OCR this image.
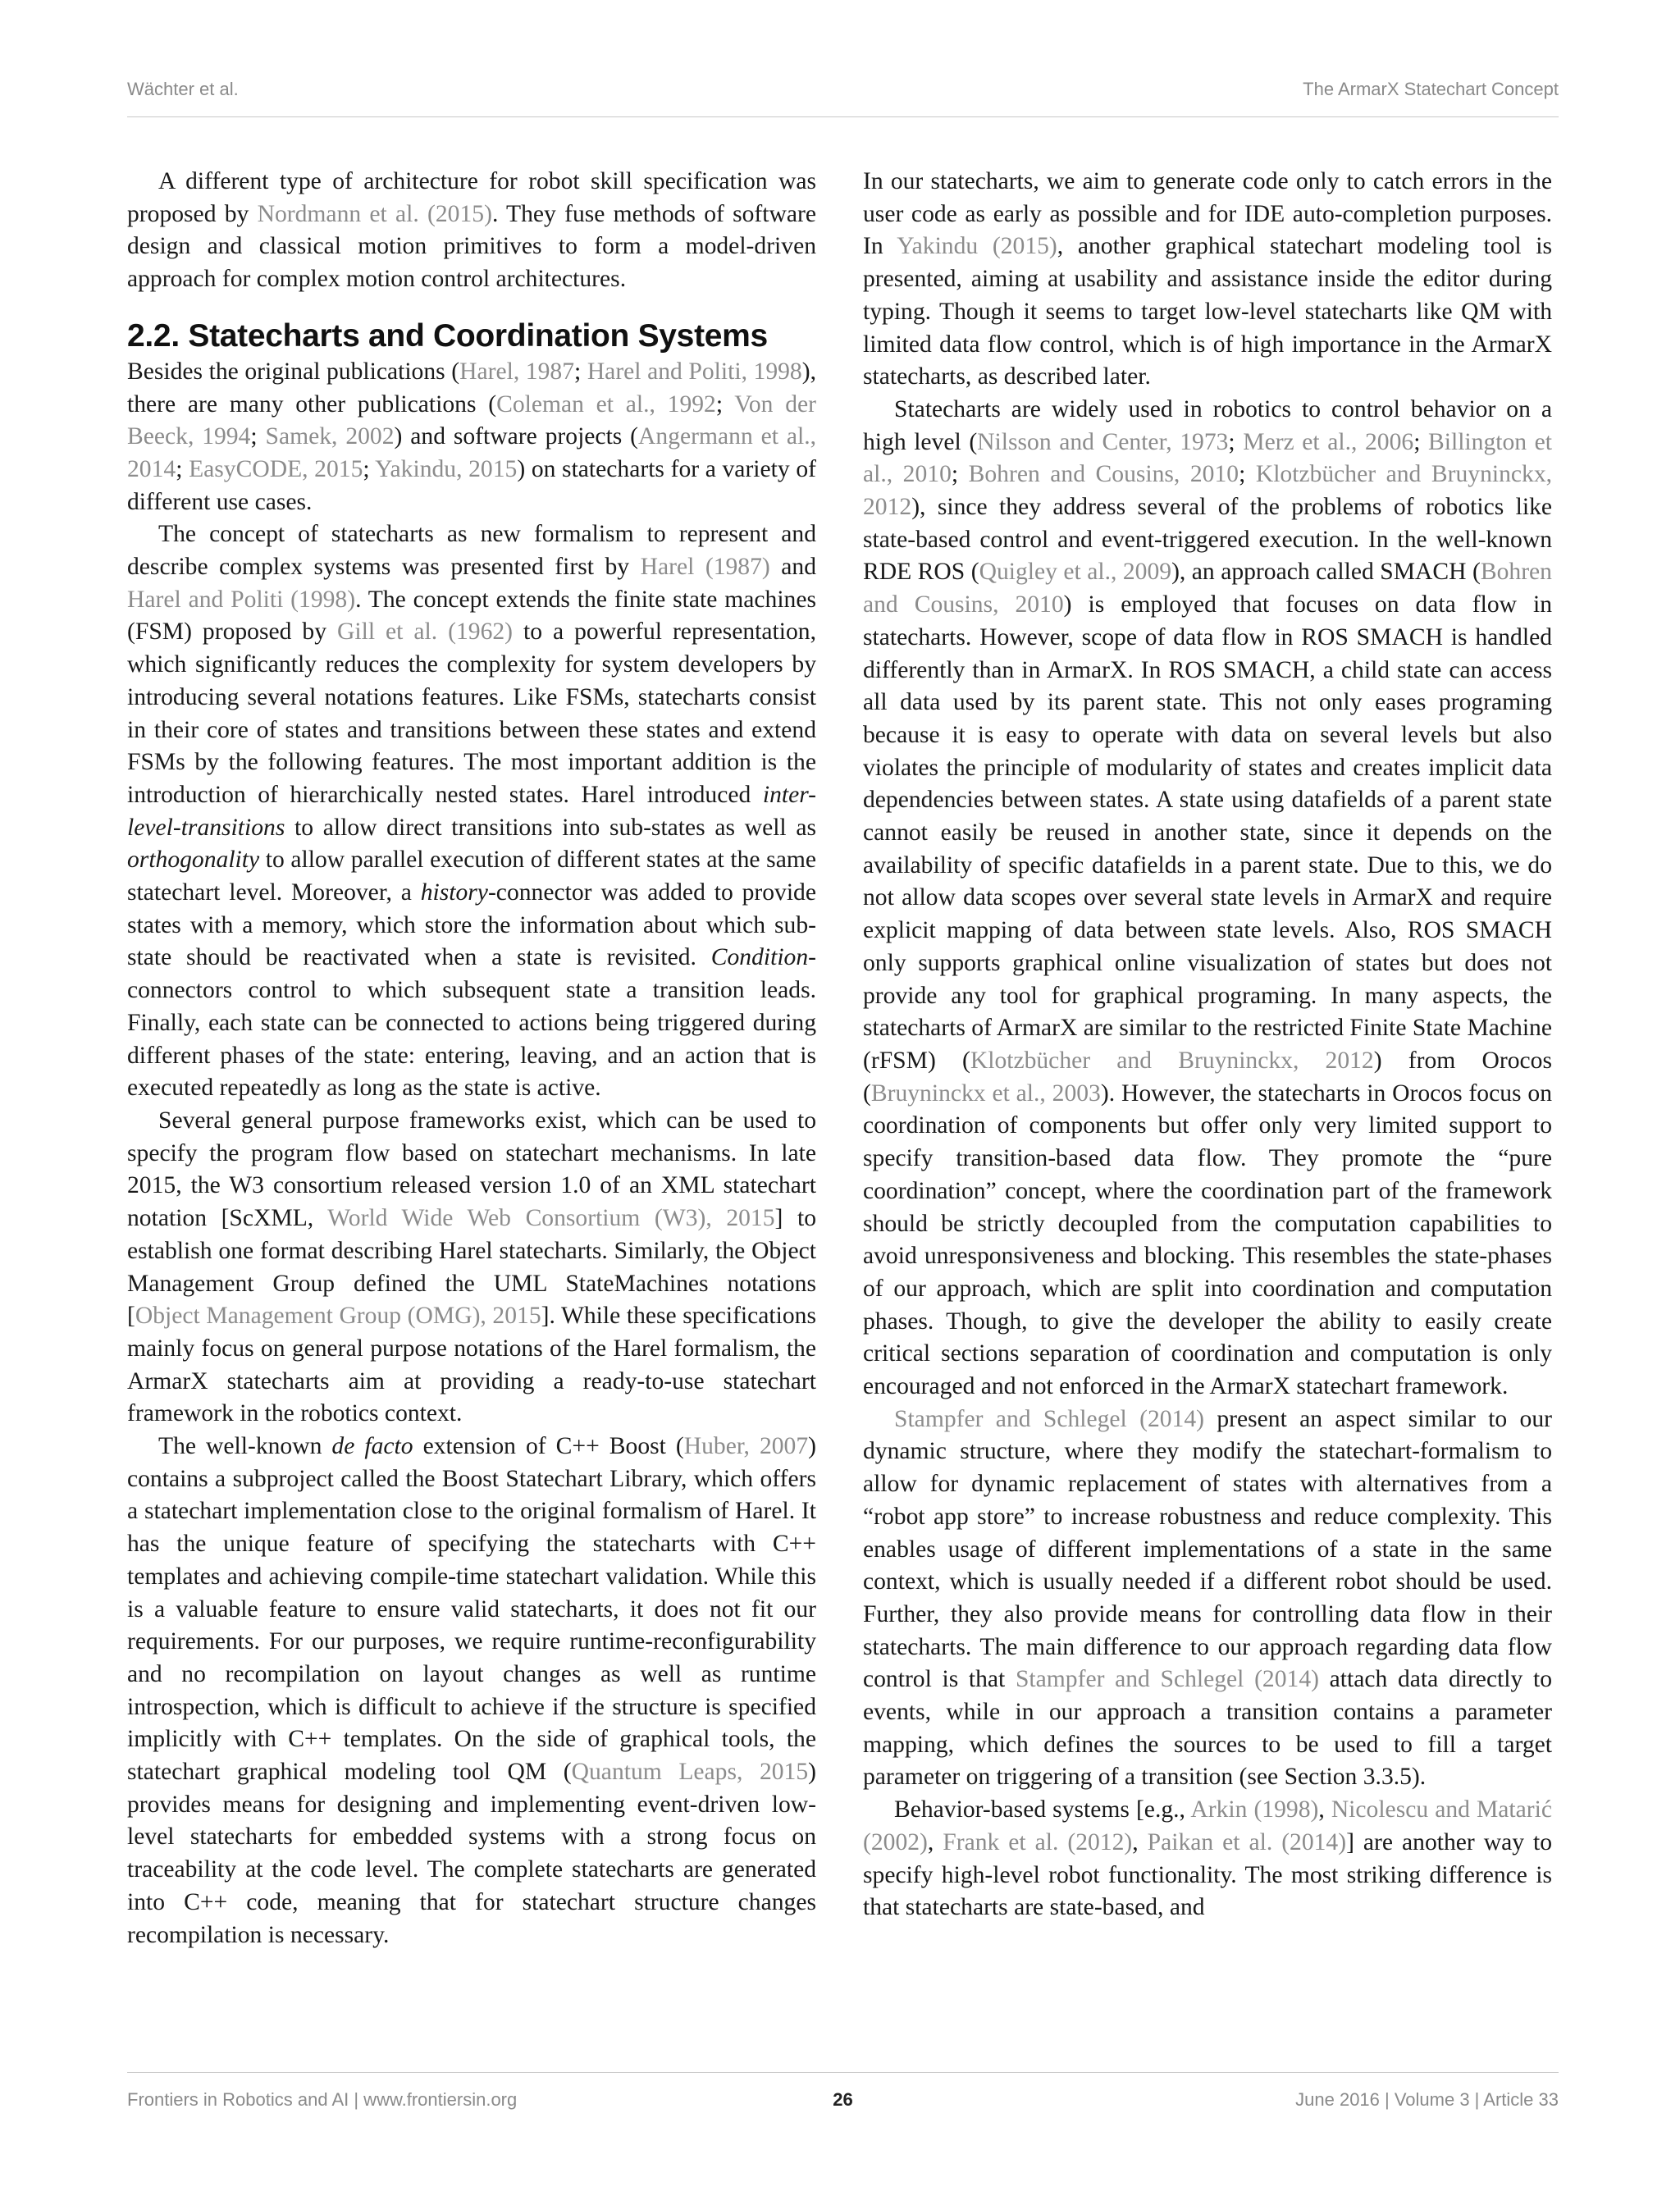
Wächter et al.	The ArmarX Statechart Concept

A different type of architecture for robot skill specification was proposed by Nordmann et al. (2015). They fuse methods of software design and classical motion primitives to form a model-driven approach for complex motion control architectures.

2.2. Statecharts and Coordination Systems

Besides the original publications (Harel, 1987; Harel and Politi, 1998), there are many other publications (Coleman et al., 1992; Von der Beeck, 1994; Samek, 2002) and software projects (Angermann et al., 2014; EasyCODE, 2015; Yakindu, 2015) on statecharts for a variety of different use cases.

The concept of statecharts as new formalism to represent and describe complex systems was presented first by Harel (1987) and Harel and Politi (1998). The concept extends the finite state machines (FSM) proposed by Gill et al. (1962) to a powerful representation, which significantly reduces the complexity for system developers by introducing several notations features. Like FSMs, statecharts consist in their core of states and transitions between these states and extend FSMs by the following features. The most important addition is the introduction of hierarchically nested states. Harel introduced inter-level-transitions to allow direct transitions into sub-states as well as orthogonality to allow parallel execution of different states at the same statechart level. Moreover, a history-connector was added to provide states with a memory, which store the information about which sub-state should be reactivated when a state is revisited. Condition-connectors control to which subsequent state a transition leads. Finally, each state can be connected to actions being triggered during different phases of the state: entering, leaving, and an action that is executed repeatedly as long as the state is active.

Several general purpose frameworks exist, which can be used to specify the program flow based on statechart mechanisms. In late 2015, the W3 consortium released version 1.0 of an XML statechart notation [ScXML, World Wide Web Consortium (W3), 2015] to establish one format describing Harel statecharts. Similarly, the Object Management Group defined the UML StateMachines notations [Object Management Group (OMG), 2015]. While these specifications mainly focus on general purpose notations of the Harel formalism, the ArmarX statecharts aim at providing a ready-to-use statechart framework in the robotics context.

The well-known de facto extension of C++ Boost (Huber, 2007) contains a subproject called the Boost Statechart Library, which offers a statechart implementation close to the original formalism of Harel. It has the unique feature of specifying the statecharts with C++ templates and achieving compile-time statechart validation. While this is a valuable feature to ensure valid statecharts, it does not fit our requirements. For our purposes, we require runtime-reconfigurability and no recompilation on layout changes as well as runtime introspection, which is difficult to achieve if the structure is specified implicitly with C++ templates. On the side of graphical tools, the statechart graphical modeling tool QM (Quantum Leaps, 2015) provides means for designing and implementing event-driven low-level statecharts for embedded systems with a strong focus on traceability at the code level. The complete statecharts are generated into C++ code, meaning that for statechart structure changes recompilation is necessary.

In our statecharts, we aim to generate code only to catch errors in the user code as early as possible and for IDE auto-completion purposes. In Yakindu (2015), another graphical statechart modeling tool is presented, aiming at usability and assistance inside the editor during typing. Though it seems to target low-level statecharts like QM with limited data flow control, which is of high importance in the ArmarX statecharts, as described later.

Statecharts are widely used in robotics to control behavior on a high level (Nilsson and Center, 1973; Merz et al., 2006; Billington et al., 2010; Bohren and Cousins, 2010; Klotzbücher and Bruyninckx, 2012), since they address several of the problems of robotics like state-based control and event-triggered execution. In the well-known RDE ROS (Quigley et al., 2009), an approach called SMACH (Bohren and Cousins, 2010) is employed that focuses on data flow in statecharts. However, scope of data flow in ROS SMACH is handled differently than in ArmarX. In ROS SMACH, a child state can access all data used by its parent state. This not only eases programing because it is easy to operate with data on several levels but also violates the principle of modularity of states and creates implicit data dependencies between states. A state using datafields of a parent state cannot easily be reused in another state, since it depends on the availability of specific datafields in a parent state. Due to this, we do not allow data scopes over several state levels in ArmarX and require explicit mapping of data between state levels. Also, ROS SMACH only supports graphical online visualization of states but does not provide any tool for graphical programing. In many aspects, the statecharts of ArmarX are similar to the restricted Finite State Machine (rFSM) (Klotzbücher and Bruyninckx, 2012) from Orocos (Bruyninckx et al., 2003). However, the statecharts in Orocos focus on coordination of components but offer only very limited support to specify transition-based data flow. They promote the “pure coordination” concept, where the coordination part of the framework should be strictly decoupled from the computation capabilities to avoid unresponsiveness and blocking. This resembles the state-phases of our approach, which are split into coordination and computation phases. Though, to give the developer the ability to easily create critical sections separation of coordination and computation is only encouraged and not enforced in the ArmarX statechart framework.

Stampfer and Schlegel (2014) present an aspect similar to our dynamic structure, where they modify the statechart-formalism to allow for dynamic replacement of states with alternatives from a “robot app store” to increase robustness and reduce complexity. This enables usage of different implementations of a state in the same context, which is usually needed if a different robot should be used. Further, they also provide means for controlling data flow in their statecharts. The main difference to our approach regarding data flow control is that Stampfer and Schlegel (2014) attach data directly to events, while in our approach a transition contains a parameter mapping, which defines the sources to be used to fill a target parameter on triggering of a transition (see Section 3.3.5).

Behavior-based systems [e.g., Arkin (1998), Nicolescu and Matarić (2002), Frank et al. (2012), Paikan et al. (2014)] are another way to specify high-level robot functionality. The most striking difference is that statecharts are state-based, and

Frontiers in Robotics and AI | www.frontiersin.org	26	June 2016 | Volume 3 | Article 33
